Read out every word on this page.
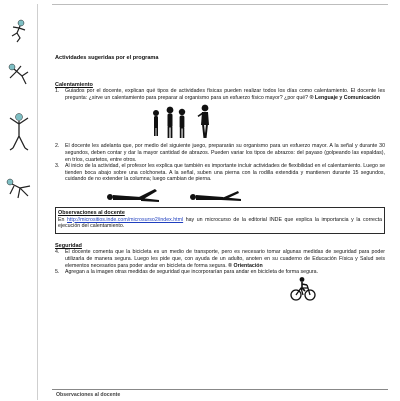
Actividades sugeridas por el programa
Calentamiento
1.	Guiados por el docente, explican qué tipos de actividades físicas pueden realizar todos los días como calentamiento. El docente les pregunta: ¿sirve un calentamiento para preparar al organismo para un esfuerzo físico mayor? ¿por qué? ® Lenguaje y Comunicación
2.	El docente les adelanta que, por medio del siguiente juego, prepararán su organismo para un esfuerzo mayor. A la señal y durante 30 segundos, deben contar y dar la mayor cantidad de abrazos. Pueden variar los tipos de abrazos: del payaso (golpeando las espaldas), en tríos, cuartetos, entre otros.
3.	Al inicio de la actividad, el profesor les explica que también es importante incluir actividades de flexibilidad en el calentamiento. Luego se tienden boca abajo sobre una colchoneta. A la señal, suben una pierna con la rodilla extendida y mantienen durante 15 segundos, cuidando de no extender la columna; luego cambian de pierna.
Observaciones al docente
En http://micrositios.inde.com/microsurso2/index.html hay un microcurso de la editorial INDE que explica la importancia y la correcta ejecución del calentamiento.
Seguridad
4.	El docente comenta que la bicicleta es un medio de transporte, pero es necesario tomar algunas medidas de seguridad para poder utilizarla de manera segura. Luego les pide que, con ayuda de un adulto, anoten en su cuaderno de Educación Física y Salud seis elementos necesarios para poder andar en bicicleta de forma segura. ® Orientación
5.	Agregan a la imagen otras medidas de seguridad que incorporarían para andar en bicicleta de forma segura.
Observaciones al docente
